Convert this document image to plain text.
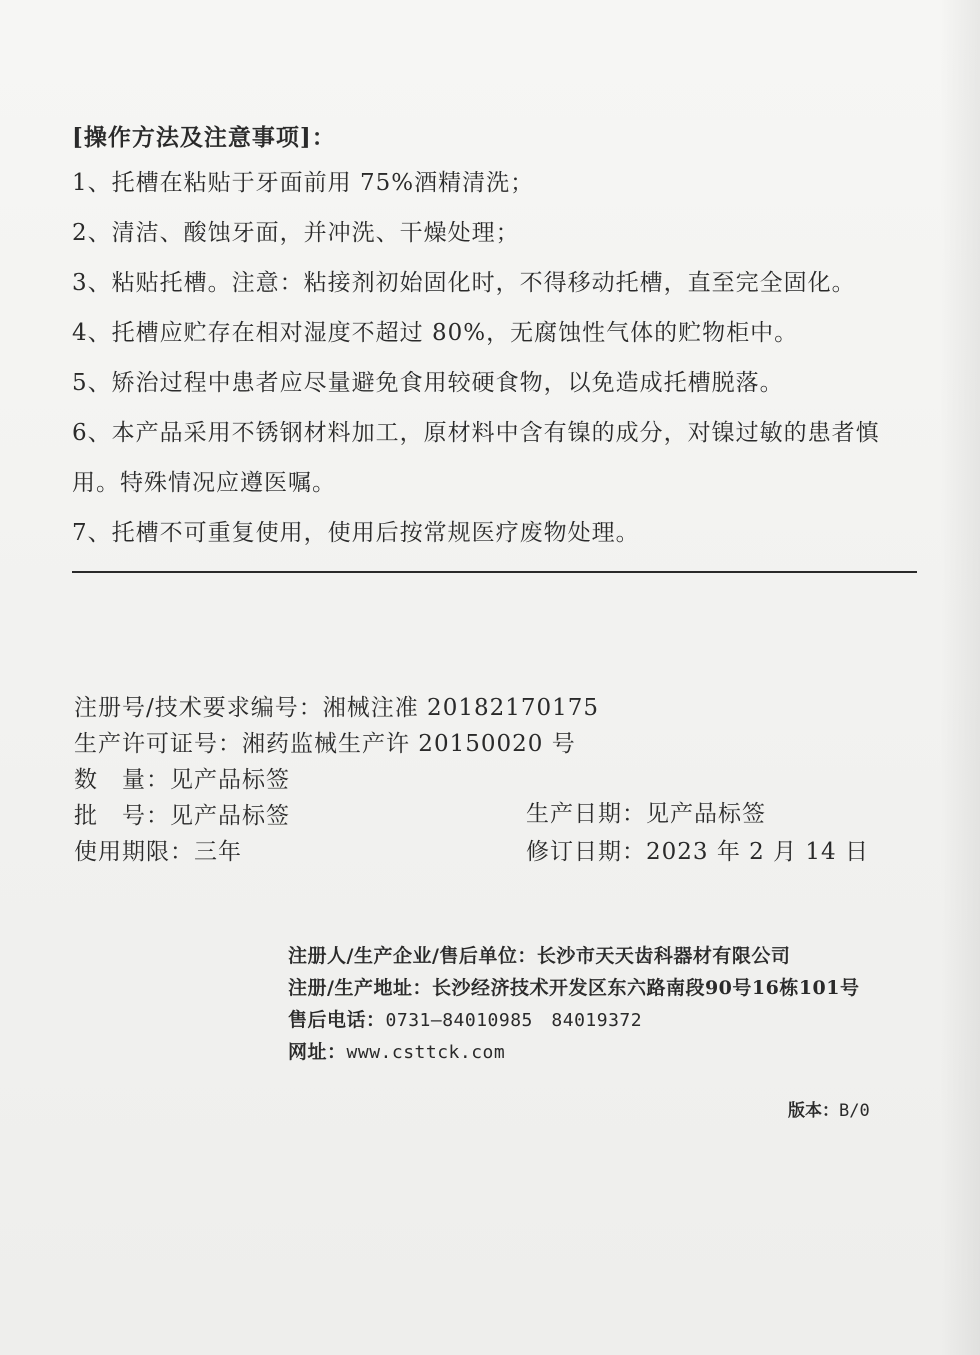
[操作方法及注意事项]：

1、托槽在粘贴于牙面前用 75%酒精清洗；

2、清洁、酸蚀牙面，并冲洗、干燥处理；

3、粘贴托槽。注意：粘接剂初始固化时，不得移动托槽，直至完全固化。

4、托槽应贮存在相对湿度不超过 80%，无腐蚀性气体的贮物柜中。

5、矫治过程中患者应尽量避免食用较硬食物，以免造成托槽脱落。

6、本产品采用不锈钢材料加工，原材料中含有镍的成分，对镍过敏的患者慎用。特殊情况应遵医嘱。

7、托槽不可重复使用，使用后按常规医疗废物处理。

注册号/技术要求编号：湘械注准 20182170175
生产许可证号：湘药监械生产许 20150020 号
数　量：见产品标签
批　号：见产品标签
使用期限：三年
生产日期：见产品标签
修订日期：2023 年 2 月 14 日
注册人/生产企业/售后单位：长沙市天天齿科器材有限公司
注册/生产地址：长沙经济技术开发区东六路南段90号16栋101号
售后电话：0731—84010985　84019372
网址：www.csttck.com
版本：B/0
